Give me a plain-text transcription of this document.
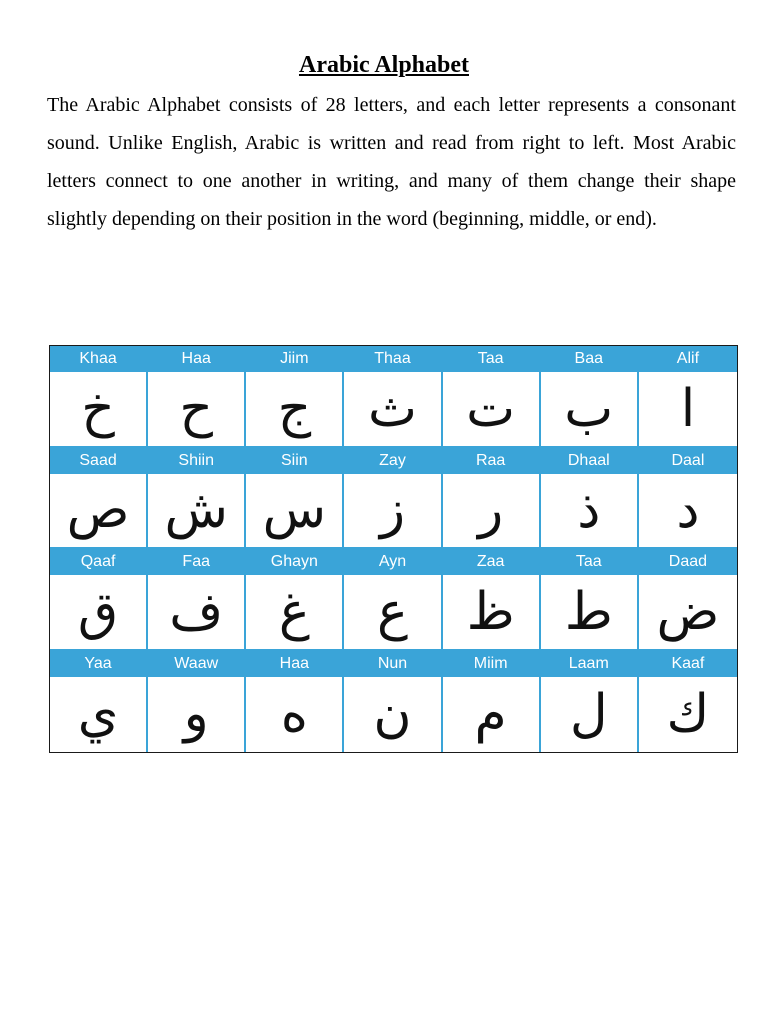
Arabic Alphabet

The Arabic Alphabet consists of 28 letters, and each letter represents a consonant sound. Unlike English, Arabic is written and read from right to left. Most Arabic letters connect to one another in writing, and many of them change their shape slightly depending on their position in the word (beginning, middle, or end).

Khaa
خ
Haa
ح
Jiim
ج
Thaa
ث
Taa
ت
Baa
ب
Alif
ا
Saad
ص
Shiin
ش
Siin
س
Zay
ز
Raa
ر
Dhaal
ذ
Daal
د
Qaaf
ق
Faa
ف
Ghayn
غ
Ayn
ع
Zaa
ظ
Taa
ط
Daad
ض
Yaa
ي
Waaw
و
Haa
ه
Nun
ن
Miim
م
Laam
ل
Kaaf
ك
